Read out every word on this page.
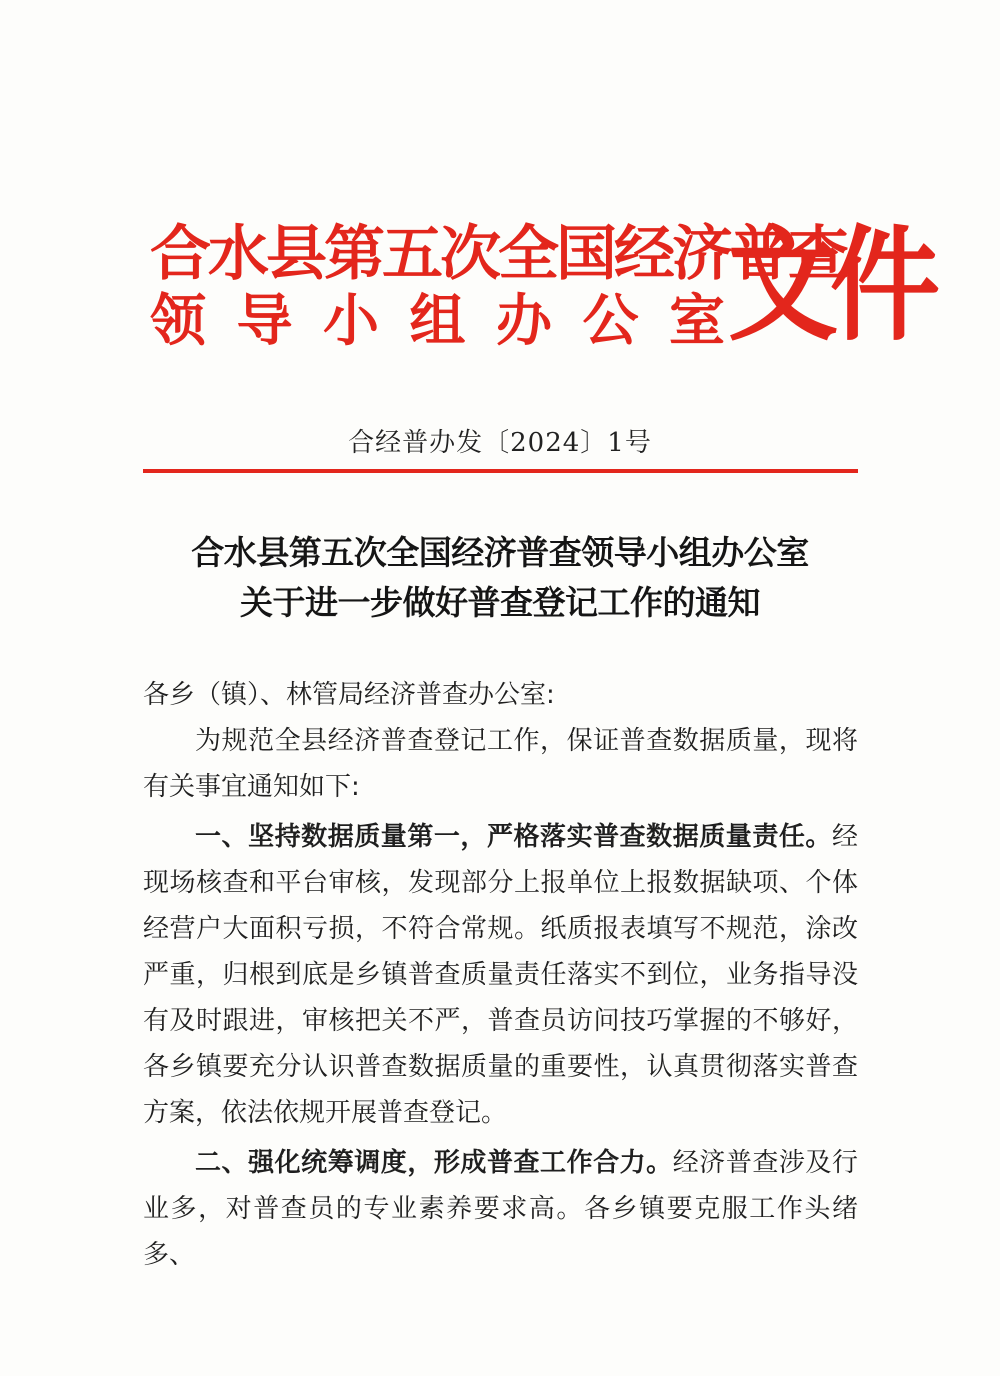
合水县第五次全国经济普查
领 导 小 组 办 公 室 文件
合经普办发〔2024〕1号
合水县第五次全国经济普查领导小组办公室
关于进一步做好普查登记工作的通知

各乡（镇）、林管局经济普查办公室:

为规范全县经济普查登记工作，保证普查数据质量，现将有关事宜通知如下:

一、坚持数据质量第一，严格落实普查数据质量责任。经现场核查和平台审核，发现部分上报单位上报数据缺项、个体经营户大面积亏损，不符合常规。纸质报表填写不规范，涂改严重，归根到底是乡镇普查质量责任落实不到位，业务指导没有及时跟进，审核把关不严，普查员访问技巧掌握的不够好，各乡镇要充分认识普查数据质量的重要性，认真贯彻落实普查方案，依法依规开展普查登记。

二、强化统筹调度，形成普查工作合力。经济普查涉及行业多，对普查员的专业素养要求高。各乡镇要克服工作头绪多、
